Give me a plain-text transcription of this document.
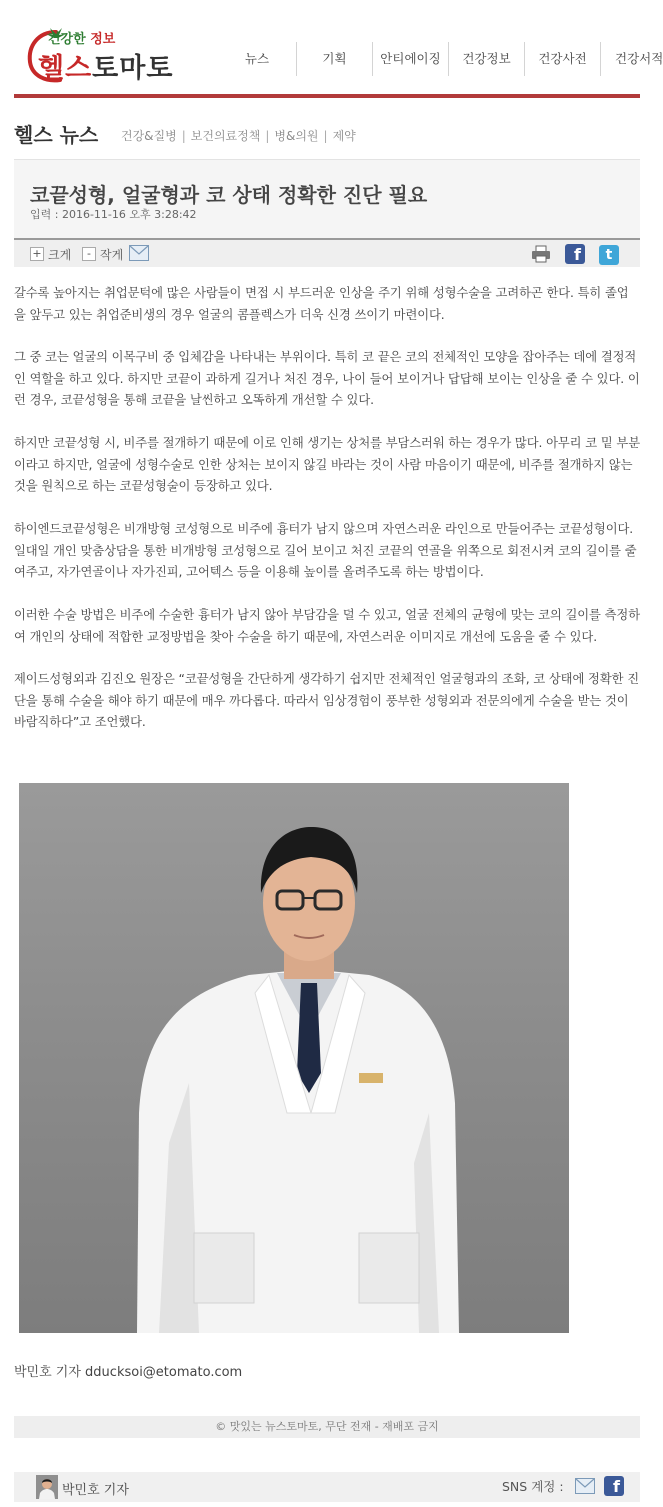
건강한 정보
헬스토마토	뉴스	기획	안티에이징	건강정보	건강사전	건강서적
헬스 뉴스 건강&질병 | 보건의료정책 | 병&의원 | 제약
코끝성형, 얼굴형과 코 상태 정확한 진단 필요
입력 : 2016-11-16 오후 3:28:42
+ 크게	- 작게	f	t
갈수록 높아지는 취업문턱에 많은 사람들이 면접 시 부드러운 인상을 주기 위해 성형수술을 고려하곤 한다. 특히 졸업을 앞두고 있는 취업준비생의 경우 얼굴의 콤플렉스가 더욱 신경 쓰이기 마련이다.
그 중 코는 얼굴의 이목구비 중 입체감을 나타내는 부위이다. 특히 코 끝은 코의 전체적인 모양을 잡아주는 데에 결정적인 역할을 하고 있다. 하지만 코끝이 과하게 길거나 처진 경우, 나이 들어 보이거나 답답해 보이는 인상을 줄 수 있다. 이런 경우, 코끝성형을 통해 코끝을 날씬하고 오똑하게 개선할 수 있다.
하지만 코끝성형 시, 비주를 절개하기 때문에 이로 인해 생기는 상처를 부담스러워 하는 경우가 많다. 아무리 코 밑 부분이라고 하지만, 얼굴에 성형수술로 인한 상처는 보이지 않길 바라는 것이 사람 마음이기 때문에, 비주를 절개하지 않는 것을 원칙으로 하는 코끝성형술이 등장하고 있다.
하이엔드코끝성형은 비개방형 코성형으로 비주에 흉터가 남지 않으며 자연스러운 라인으로 만들어주는 코끝성형이다. 일대일 개인 맞춤상담을 통한 비개방형 코성형으로 길어 보이고 처진 코끝의 연골을 위쪽으로 회전시켜 코의 길이를 줄여주고, 자가연골이나 자가진피, 고어텍스 등을 이용해 높이를 올려주도록 하는 방법이다.
이러한 수술 방법은 비주에 수술한 흉터가 남지 않아 부담감을 덜 수 있고, 얼굴 전체의 균형에 맞는 코의 길이를 측정하여 개인의 상태에 적합한 교정방법을 찾아 수술을 하기 때문에, 자연스러운 이미지로 개선에 도움을 줄 수 있다.
제이드성형외과 김진오 원장은 “코끝성형을 간단하게 생각하기 쉽지만 전체적인 얼굴형과의 조화, 코 상태에 정확한 진단을 통해 수술을 해야 하기 때문에 매우 까다롭다. 따라서 임상경험이 풍부한 성형외과 전문의에게 수술을 받는 것이 바람직하다”고 조언했다.
박민호 기자 dducksoi@etomato.com
© 맛있는 뉴스토마토, 무단 전재 - 재배포 금지
박민호 기자	SNS 계정 :	f
